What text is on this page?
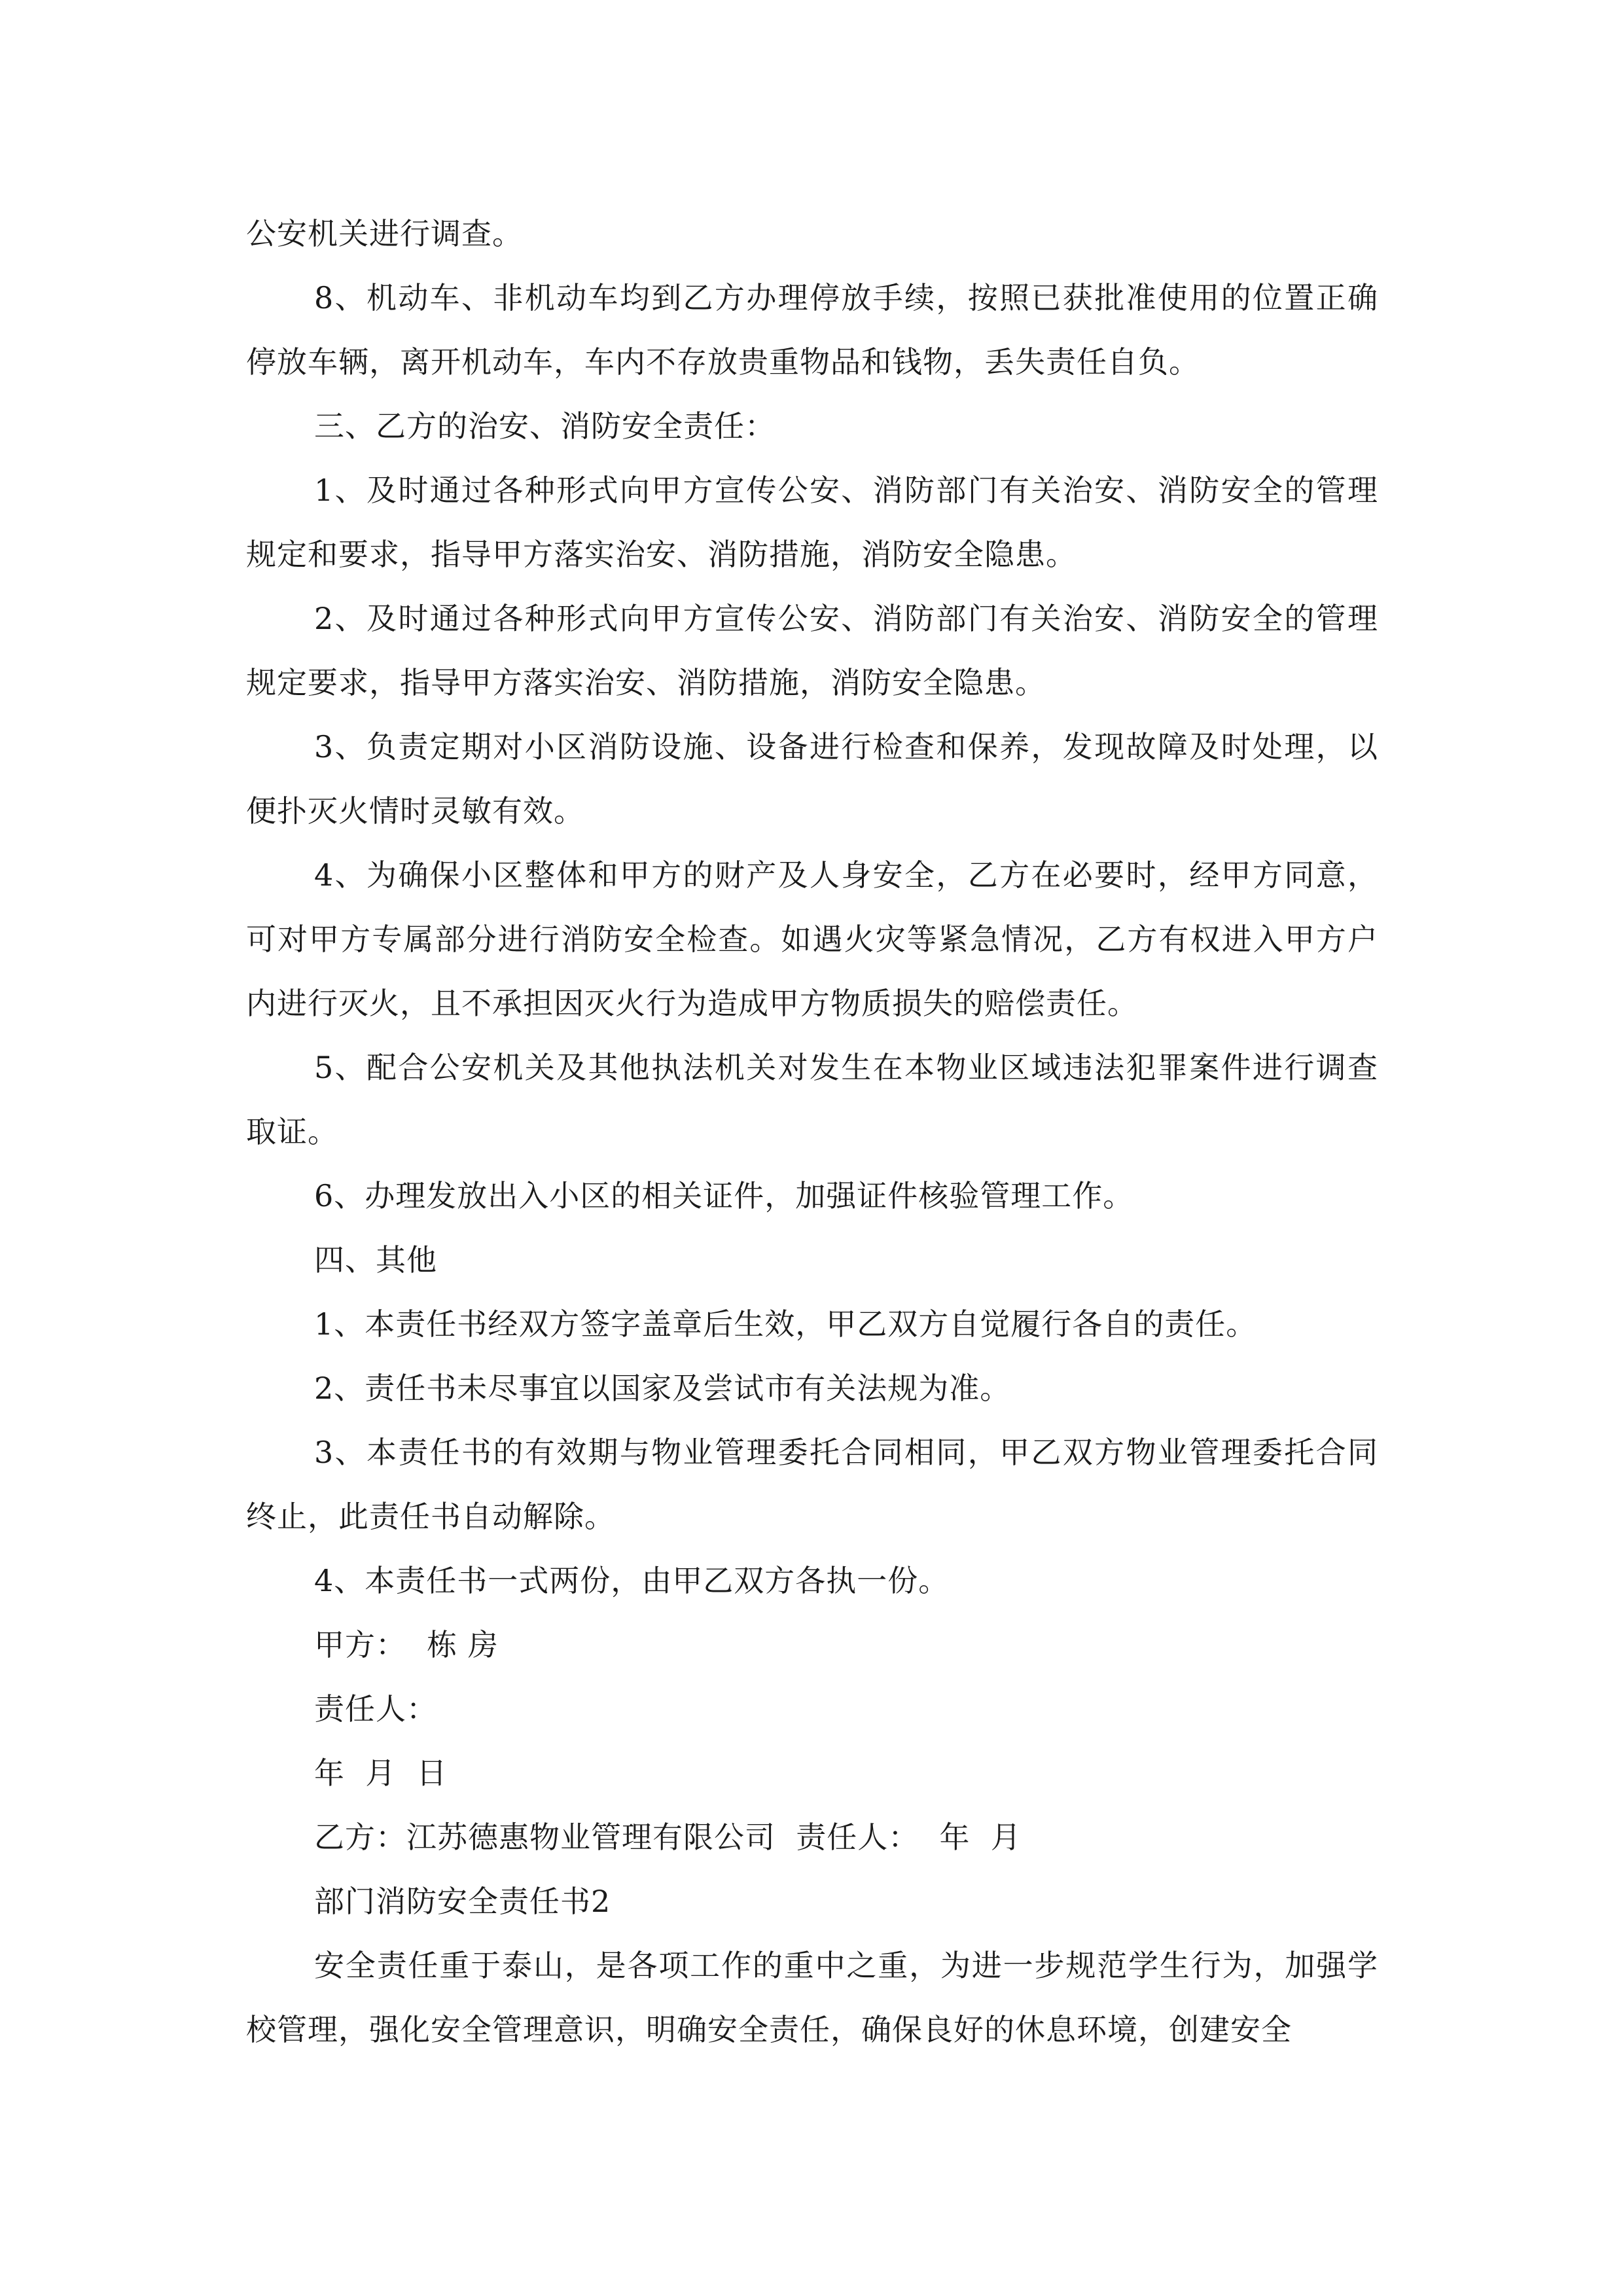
公安机关进行调查。

8、机动车、非机动车均到乙方办理停放手续，按照已获批准使用的位置正确停放车辆，离开机动车，车内不存放贵重物品和钱物，丢失责任自负。

三、乙方的治安、消防安全责任：

1、及时通过各种形式向甲方宣传公安、消防部门有关治安、消防安全的管理规定和要求，指导甲方落实治安、消防措施，消防安全隐患。

2、及时通过各种形式向甲方宣传公安、消防部门有关治安、消防安全的管理规定要求，指导甲方落实治安、消防措施，消防安全隐患。

3、负责定期对小区消防设施、设备进行检查和保养，发现故障及时处理，以便扑灭火情时灵敏有效。

4、为确保小区整体和甲方的财产及人身安全，乙方在必要时，经甲方同意，可对甲方专属部分进行消防安全检查。如遇火灾等紧急情况，乙方有权进入甲方户内进行灭火，且不承担因灭火行为造成甲方物质损失的赔偿责任。

5、配合公安机关及其他执法机关对发生在本物业区域违法犯罪案件进行调查取证。

6、办理发放出入小区的相关证件，加强证件核验管理工作。

四、其他

1、本责任书经双方签字盖章后生效，甲乙双方自觉履行各自的责任。

2、责任书未尽事宜以国家及尝试市有关法规为准。

3、本责任书的有效期与物业管理委托合同相同，甲乙双方物业管理委托合同终止，此责任书自动解除。

4、本责任书一式两份，由甲乙双方各执一份。

甲方：  栋 房

责任人：

年  月  日

乙方：江苏德惠物业管理有限公司  责任人：  年  月

部门消防安全责任书2

安全责任重于泰山，是各项工作的重中之重，为进一步规范学生行为，加强学校管理，强化安全管理意识，明确安全责任，确保良好的休息环境，创建安全
